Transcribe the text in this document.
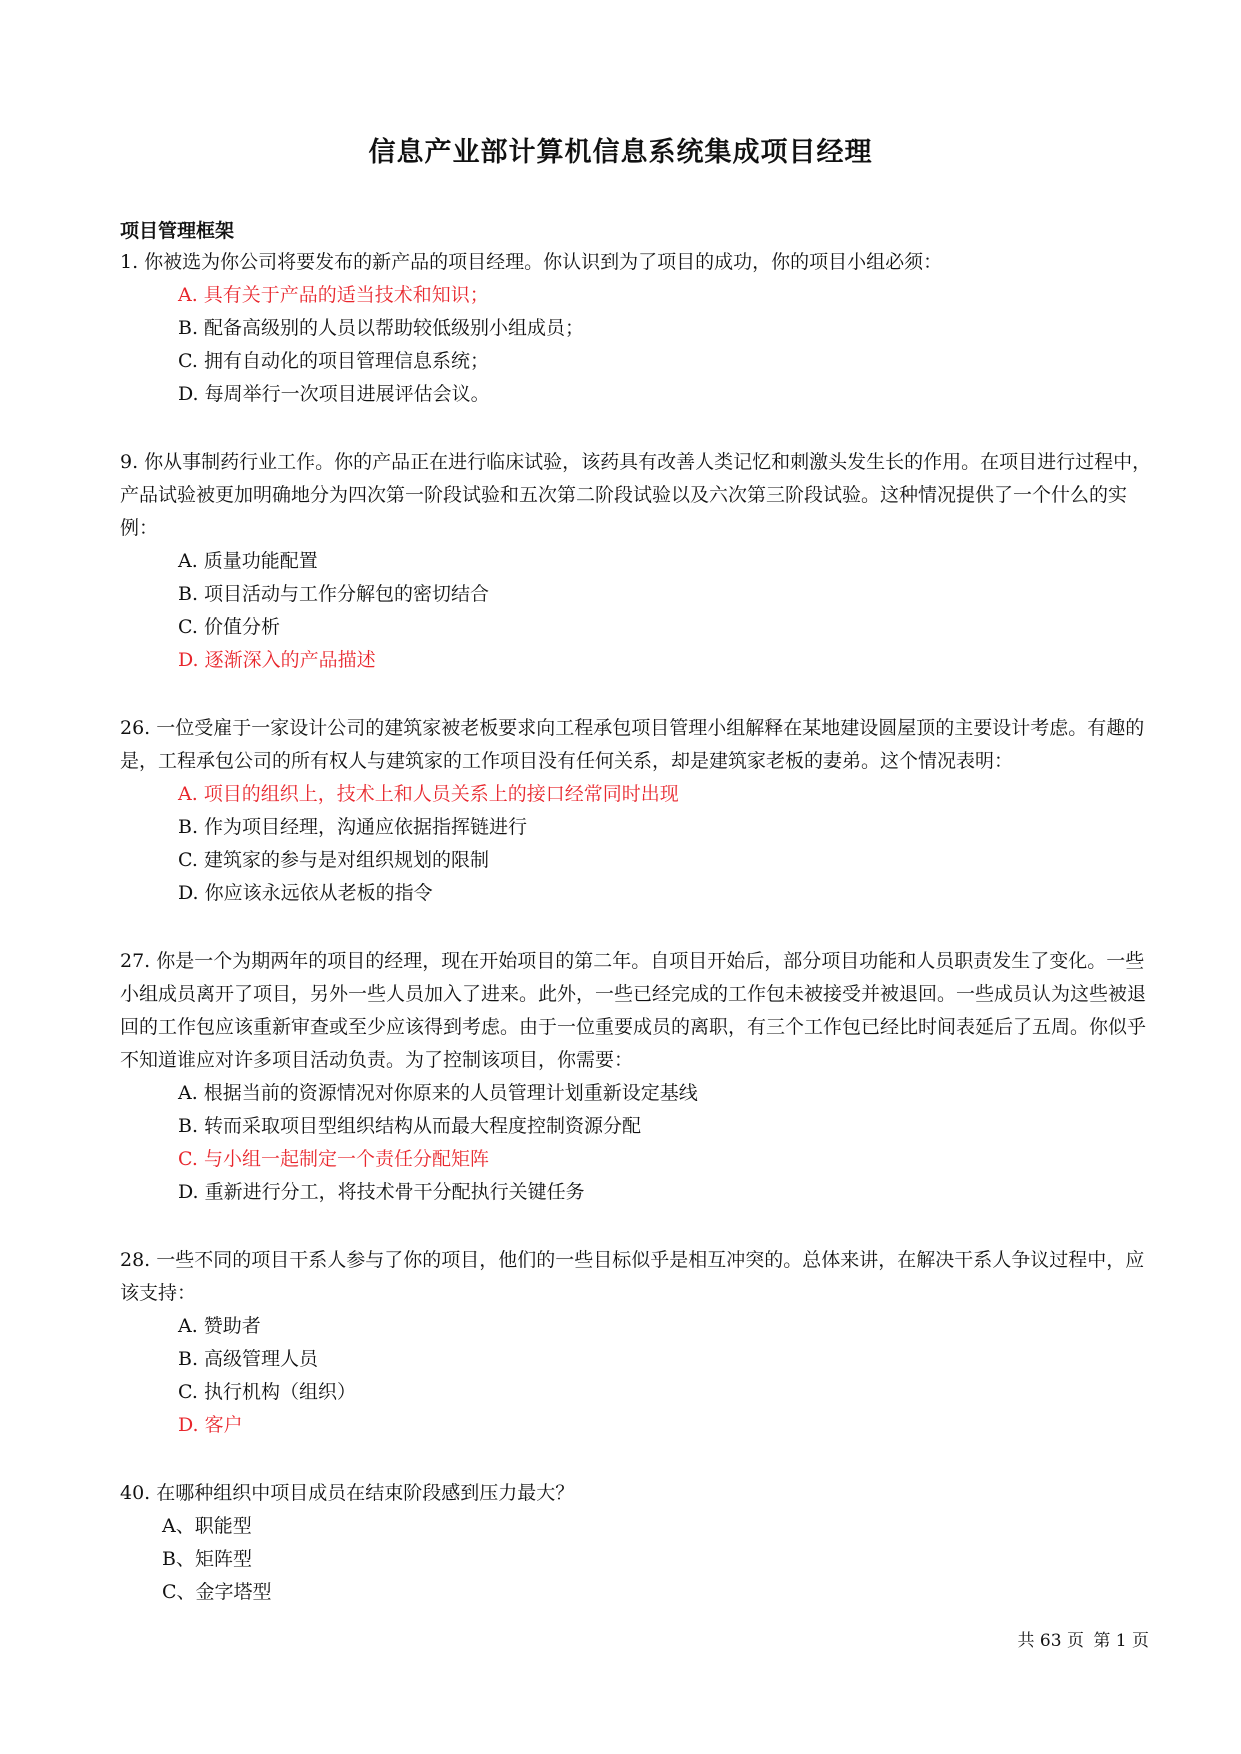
信息产业部计算机信息系统集成项目经理

项目管理框架

1. 你被选为你公司将要发布的新产品的项目经理。你认识到为了项目的成功，你的项目小组必须：

A. 具有关于产品的适当技术和知识；
B. 配备高级别的人员以帮助较低级别小组成员；
C. 拥有自动化的项目管理信息系统；
D. 每周举行一次项目进展评估会议。

9. 你从事制药行业工作。你的产品正在进行临床试验，该药具有改善人类记忆和刺激头发生长的作用。在项目进行过程中，产品试验被更加明确地分为四次第一阶段试验和五次第二阶段试验以及六次第三阶段试验。这种情况提供了一个什么的实例：

A. 质量功能配置
B. 项目活动与工作分解包的密切结合
C. 价值分析
D. 逐渐深入的产品描述

26. 一位受雇于一家设计公司的建筑家被老板要求向工程承包项目管理小组解释在某地建设圆屋顶的主要设计考虑。有趣的是，工程承包公司的所有权人与建筑家的工作项目没有任何关系，却是建筑家老板的妻弟。这个情况表明：

A. 项目的组织上，技术上和人员关系上的接口经常同时出现
B. 作为项目经理，沟通应依据指挥链进行
C. 建筑家的参与是对组织规划的限制
D. 你应该永远依从老板的指令

27. 你是一个为期两年的项目的经理，现在开始项目的第二年。自项目开始后，部分项目功能和人员职责发生了变化。一些小组成员离开了项目，另外一些人员加入了进来。此外，一些已经完成的工作包未被接受并被退回。一些成员认为这些被退回的工作包应该重新审查或至少应该得到考虑。由于一位重要成员的离职，有三个工作包已经比时间表延后了五周。你似乎不知道谁应对许多项目活动负责。为了控制该项目，你需要：

A. 根据当前的资源情况对你原来的人员管理计划重新设定基线
B. 转而采取项目型组织结构从而最大程度控制资源分配
C. 与小组一起制定一个责任分配矩阵
D. 重新进行分工，将技术骨干分配执行关键任务

28. 一些不同的项目干系人参与了你的项目，他们的一些目标似乎是相互冲突的。总体来讲，在解决干系人争议过程中，应该支持：

A. 赞助者
B. 高级管理人员
C. 执行机构（组织）
D. 客户

40. 在哪种组织中项目成员在结束阶段感到压力最大？

A、职能型
B、矩阵型
C、金字塔型
共 63 页 第 1 页
